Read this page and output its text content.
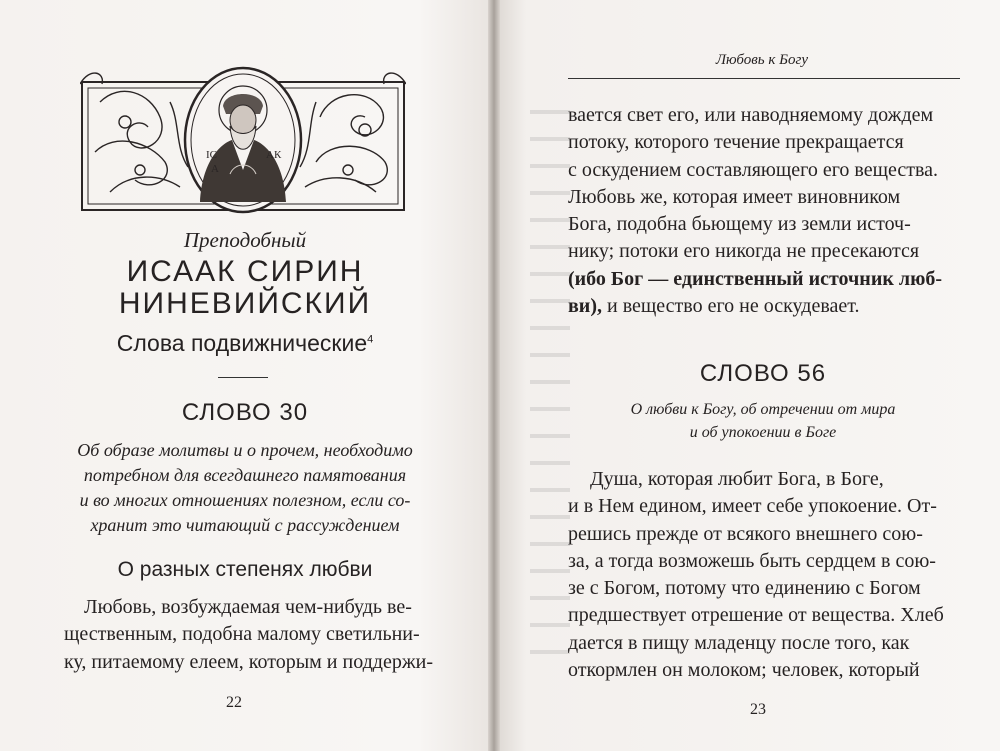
ІС
А
АК
Преподобный
ИСААК СИРИН
НИНЕВИЙСКИЙ
Слова подвижнические$^4$
СЛОВО 30
Об образе молитвы и о прочем, необходимо
потребном для всегдашнего памятования
и во многих отношениях полезном, если со-
хранит это читающий с рассуждением
О разных степенях любви
Любовь, возбуждаемая чем-нибудь ве-
щественным, подобна малому светильни-
ку, питаемому елеем, которым и поддержи-
22
Любовь к Богу
вается свет его, или наводняемому дождем
потоку, которого течение прекращается
с оскудением составляющего его вещества.
Любовь же, которая имеет виновником
Бога, подобна бьющему из земли источ-
нику; потоки его никогда не пресекаются
(ибо Бог — единственный источник люб-
ви), и вещество его не оскудевает.
СЛОВО 56
О любви к Богу, об отречении от мира
и об упокоении в Боге
Душа, которая любит Бога, в Боге,
и в Нем едином, имеет себе упокоение. От-
решись прежде от всякого внешнего сою-
за, а тогда возможешь быть сердцем в сою-
зе с Богом, потому что единению с Богом
предшествует отрешение от вещества. Хлеб
дается в пищу младенцу после того, как
откормлен он молоком; человек, который
23
